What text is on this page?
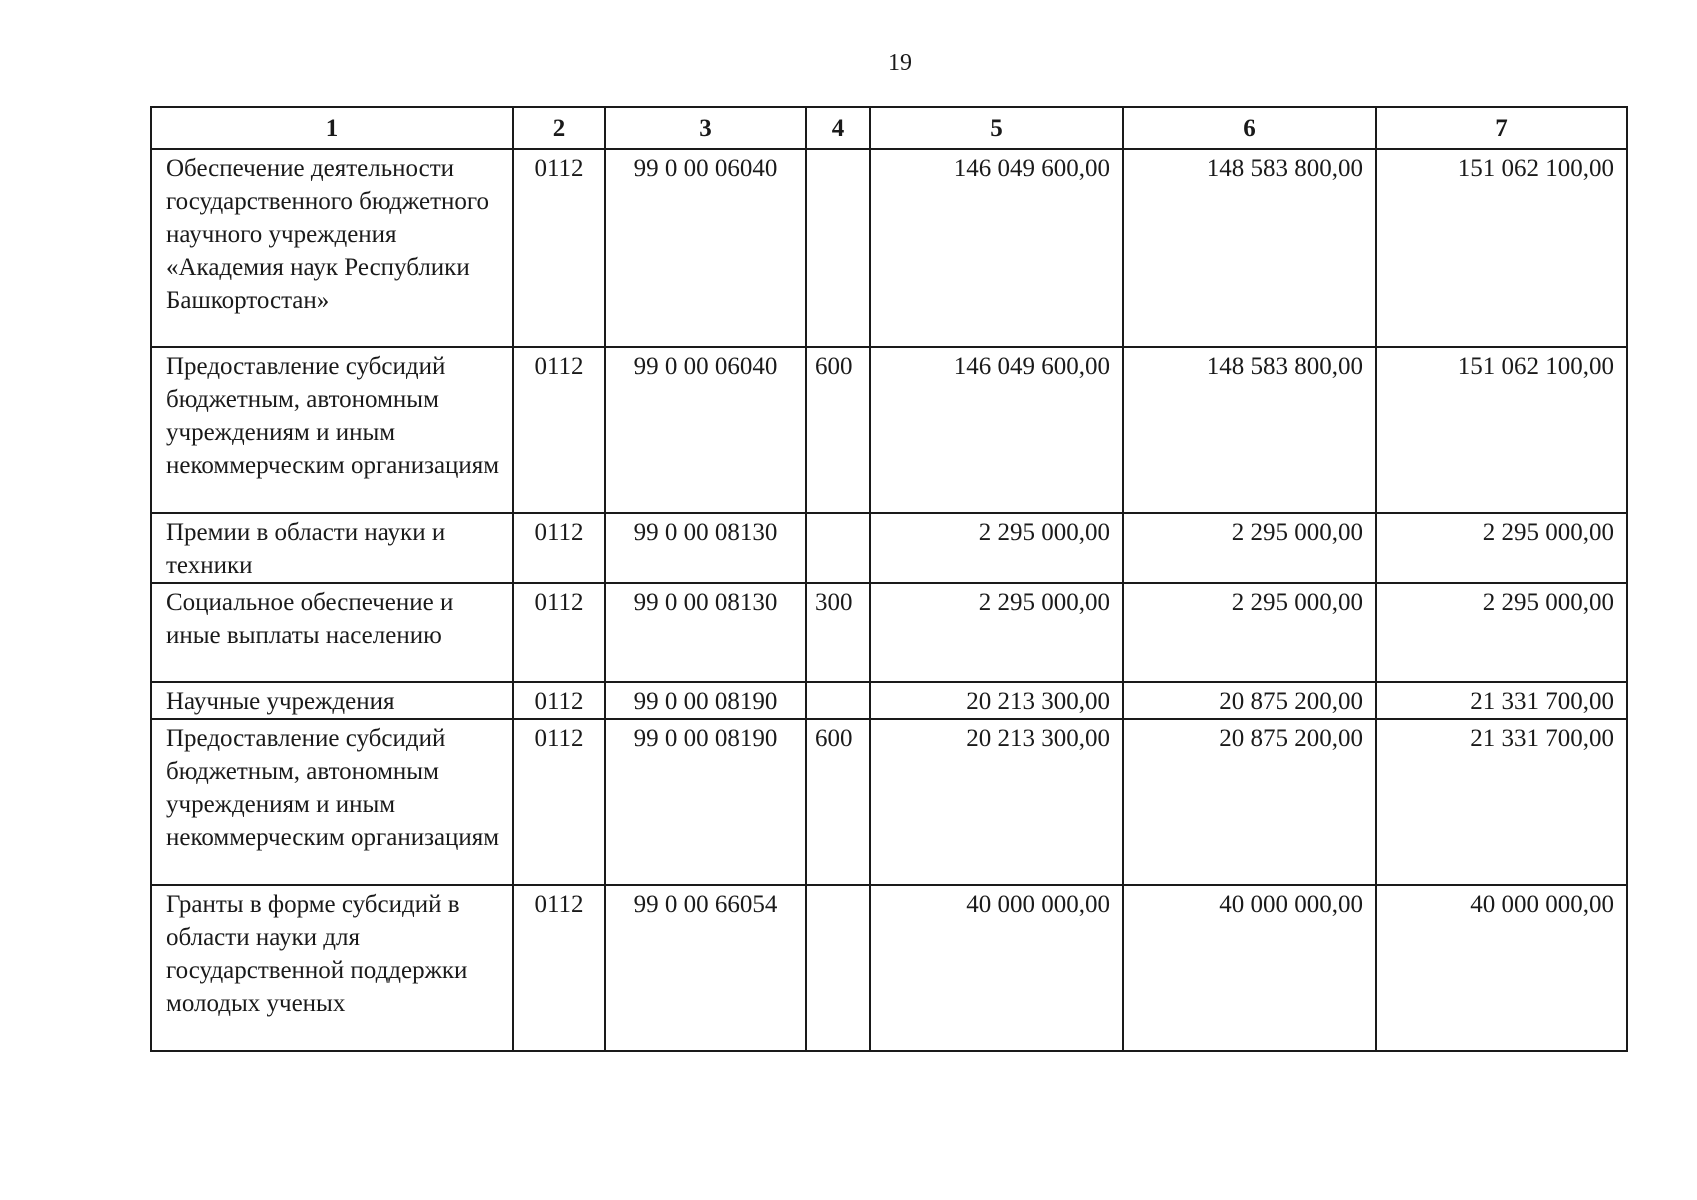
19
1	2	3	4	5	6	7
Обеспечение деятельности государственного бюджетного научного учреждения «Академия наук Республики Башкортостан»	0112	99 0 00 06040		146 049 600,00	148 583 800,00	151 062 100,00
Предоставление субсидий бюджетным, автономным учреждениям и иным некоммерческим организациям	0112	99 0 00 06040	600	146 049 600,00	148 583 800,00	151 062 100,00
Премии в области науки и техники	0112	99 0 00 08130		2 295 000,00	2 295 000,00	2 295 000,00
Социальное обеспечение и иные выплаты населению	0112	99 0 00 08130	300	2 295 000,00	2 295 000,00	2 295 000,00
Научные учреждения	0112	99 0 00 08190		20 213 300,00	20 875 200,00	21 331 700,00
Предоставление субсидий бюджетным, автономным учреждениям и иным некоммерческим организациям	0112	99 0 00 08190	600	20 213 300,00	20 875 200,00	21 331 700,00
Гранты в форме субсидий в области науки для государственной поддержки молодых ученых	0112	99 0 00 66054		40 000 000,00	40 000 000,00	40 000 000,00
